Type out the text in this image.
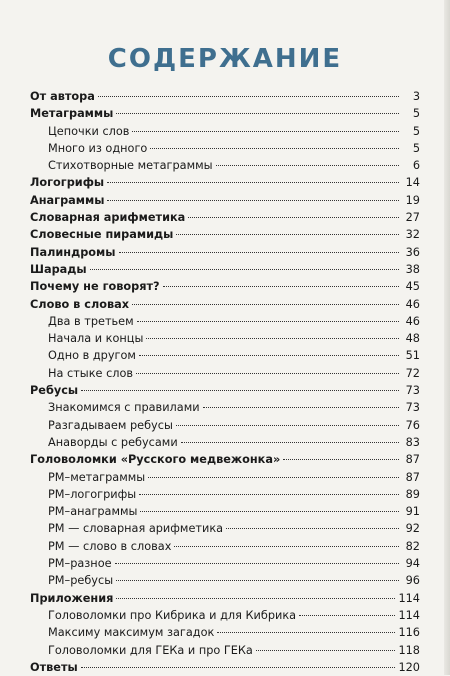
СОДЕРЖАНИЕ
От автора	3
Метаграммы	5
Цепочки слов	5
Много из одного	5
Стихотворные метаграммы	6
Логогрифы	14
Анаграммы	19
Словарная арифметика	27
Словесные пирамиды	32
Палиндромы	36
Шарады	38
Почему не говорят?	45
Слово в словах	46
Два в третьем	46
Начала и концы	48
Одно в другом	51
На стыке слов	72
Ребусы	73
Знакомимся с правилами	73
Разгадываем ребусы	76
Анаворды с ребусами	83
Головоломки «Русского медвежонка»	87
РМ–метаграммы	87
РМ–логогрифы	89
РМ–анаграммы	91
РМ — словарная арифметика	92
РМ — слово в словах	82
РМ–разное	94
РМ–ребусы	96
Приложения	114
Головоломки про Кибрика и для Кибрика	114
Максиму максимум загадок	116
Головоломки для ГЕКа и про ГЕКа	118
Ответы	120
